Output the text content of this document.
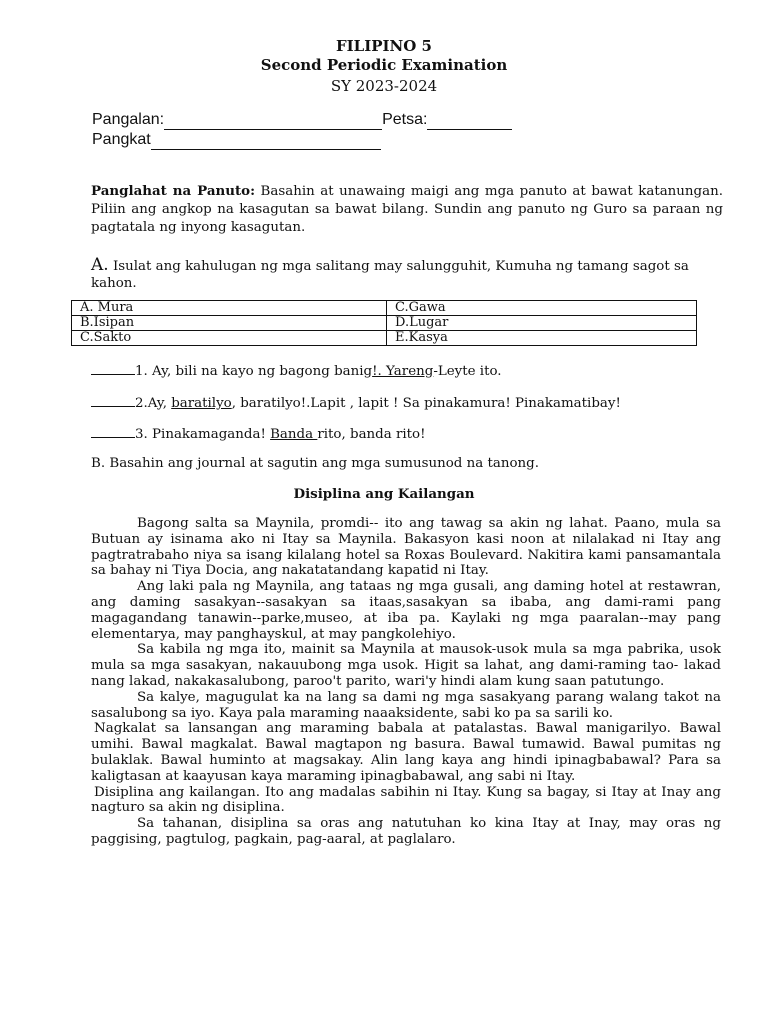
FILIPINO 5
Second Periodic Examination
SY 2023-2024
Pangalan:	Petsa:
Pangkat
Panglahat na Panuto: Basahin at unawaing maigi ang mga panuto at bawat katanungan. Piliin ang angkop na kasagutan sa bawat bilang. Sundin ang panuto ng Guro sa paraan ng pagtatala ng inyong kasagutan.
A. Isulat ang kahulugan ng mga salitang may salungguhit, Kumuha ng tamang sagot sa kahon.
A. Mura	C.Gawa
B.Isipan	D.Lugar
C.Sakto	E.Kasya
1. Ay, bili na kayo ng bagong banig!. Yareng-Leyte ito.
2.Ay, baratilyo, baratilyo!.Lapit , lapit ! Sa pinakamura! Pinakamatibay!
3. Pinakamaganda! Banda rito, banda rito!
B. Basahin ang journal at sagutin ang mga sumusunod na tanong.
Disiplina ang Kailangan

Bagong salta sa Maynila, promdi-- ito ang tawag sa akin ng lahat. Paano, mula sa Butuan ay isinama ako ni Itay sa Maynila. Bakasyon kasi noon at nilalakad ni Itay ang pagtratrabaho niya sa isang kilalang hotel sa Roxas Boulevard. Nakitira kami pansamantala sa bahay ni Tiya Docia, ang nakatatandang kapatid ni Itay.

Ang laki pala ng Maynila, ang tataas ng mga gusali, ang daming hotel at restawran, ang daming sasakyan--sasakyan sa itaas,sasakyan sa ibaba, ang dami-rami pang magagandang tanawin--parke,museo, at iba pa. Kaylaki ng mga paaralan--may pang elementarya, may panghayskul, at may pangkolehiyo.

Sa kabila ng mga ito, mainit sa Maynila at mausok-usok mula sa mga pabrika, usok mula sa mga sasakyan, nakauubong mga usok. Higit sa lahat, ang dami-raming tao- lakad nang lakad, nakakasalubong, paroo't parito, wari'y hindi alam kung saan patutungo.

Sa kalye, magugulat ka na lang sa dami ng mga sasakyang parang walang takot na sasalubong sa iyo. Kaya pala maraming naaaksidente, sabi ko pa sa sarili ko.

Nagkalat sa lansangan ang maraming babala at patalastas. Bawal manigarilyo. Bawal umihi. Bawal magkalat. Bawal magtapon ng basura. Bawal tumawid. Bawal pumitas ng bulaklak. Bawal huminto at magsakay. Alin lang kaya ang hindi ipinagbabawal? Para sa kaligtasan at kaayusan kaya maraming ipinagbabawal, ang sabi ni Itay.

Disiplina ang kailangan. Ito ang madalas sabihin ni Itay. Kung sa bagay, si Itay at Inay ang nagturo sa akin ng disiplina.

Sa tahanan, disiplina sa oras ang natutuhan ko kina Itay at Inay, may oras ng paggising, pagtulog, pagkain, pag-aaral, at paglalaro.
